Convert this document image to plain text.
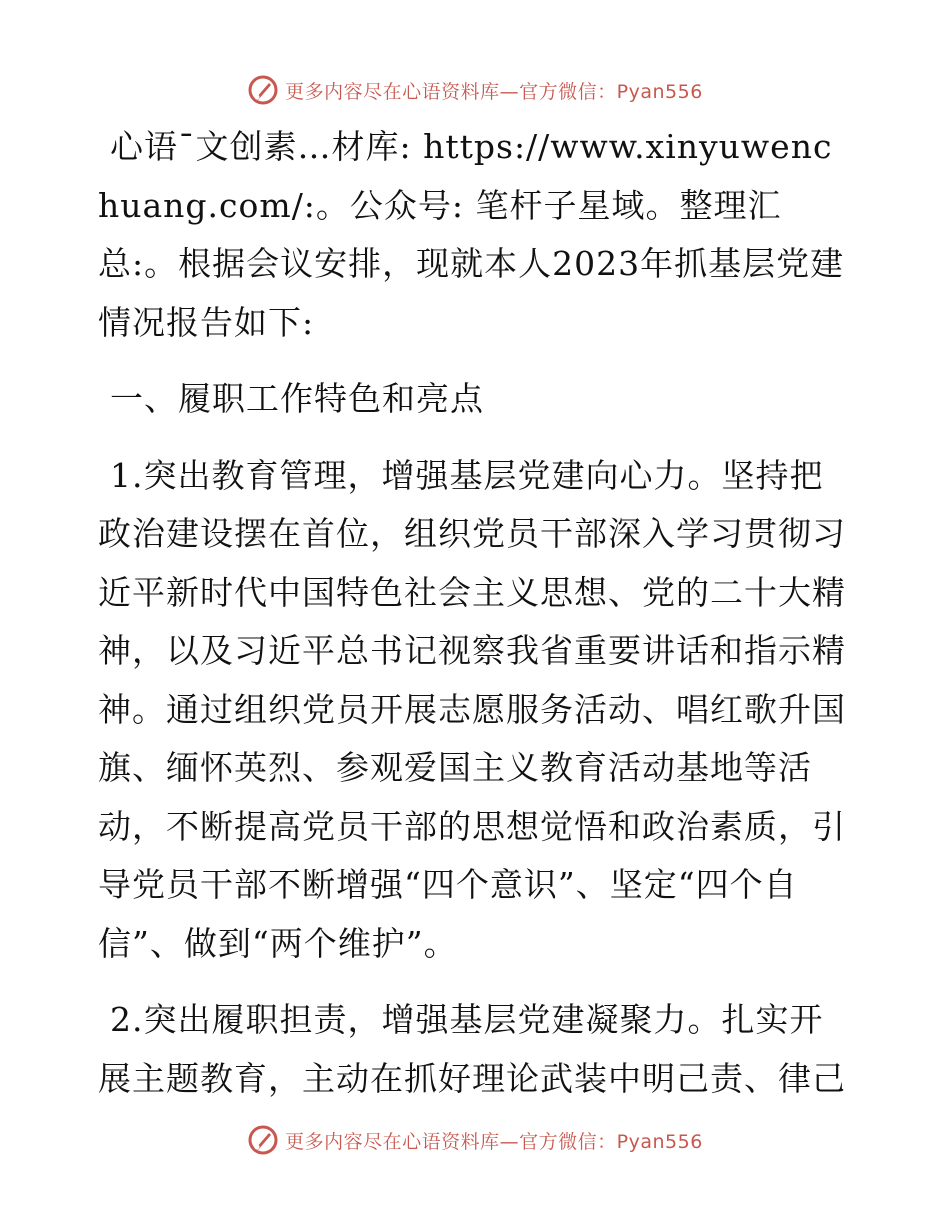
更多内容尽在心语资料库—官方微信：Pyan556

心语¯文创素…材库: https://www.xinyuwenchuang.com/:。公众号: 笔杆子星域。整理汇总:。根据会议安排，现就本人2023年抓基层党建情况报告如下:

一、履职工作特色和亮点

1.突出教育管理，增强基层党建向心力。坚持把政治建设摆在首位，组织党员干部深入学习贯彻习近平新时代中国特色社会主义思想、党的二十大精神，以及习近平总书记视察我省重要讲话和指示精神。通过组织党员开展志愿服务活动、唱红歌升国旗、缅怀英烈、参观爱国主义教育活动基地等活动，不断提高党员干部的思想觉悟和政治素质，引导党员干部不断增强“四个意识”、坚定“四个自信”、做到“两个维护”。

2.突出履职担责，增强基层党建凝聚力。扎实开展主题教育，主动在抓好理论武装中明己责、律己

更多内容尽在心语资料库—官方微信：Pyan556
